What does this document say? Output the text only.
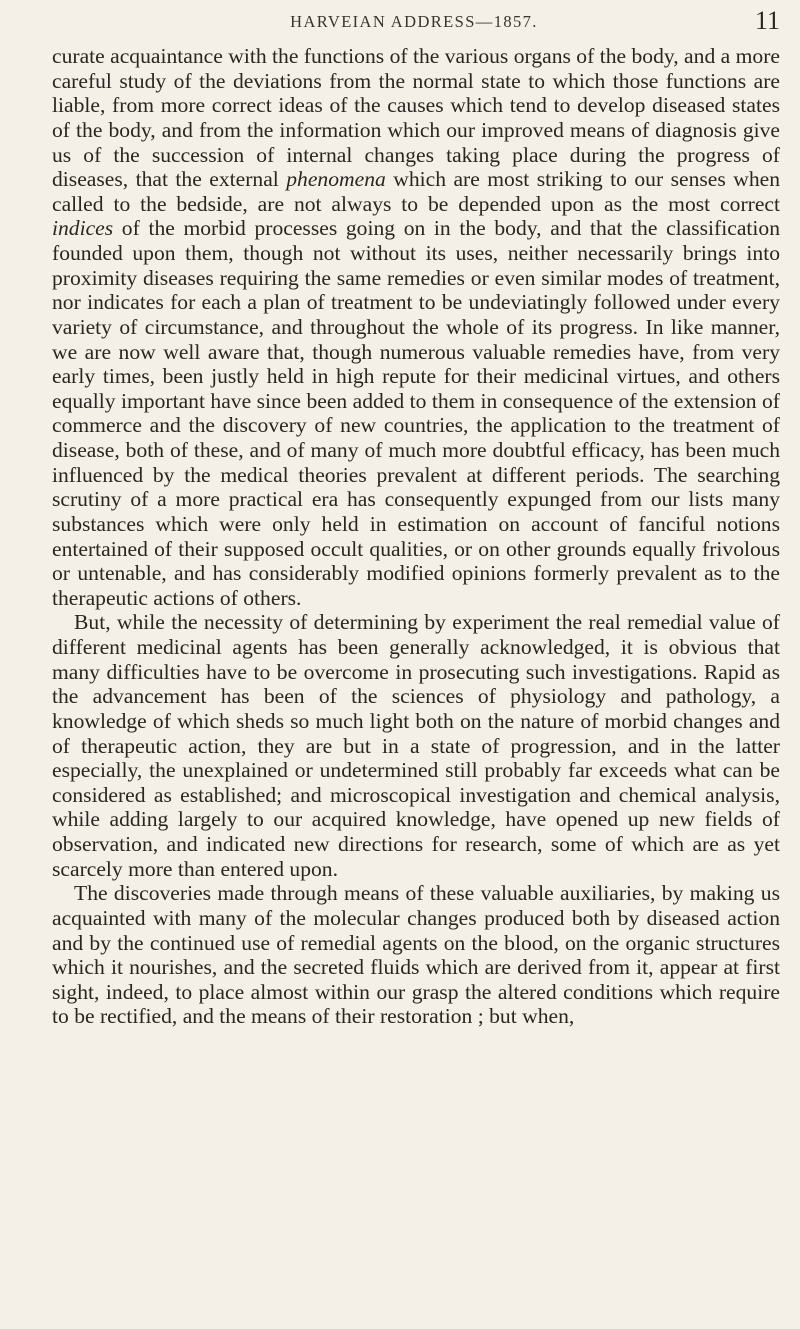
HARVEIAN ADDRESS—1857.	11

curate acquaintance with the functions of the various organs of the body, and a more careful study of the deviations from the normal state to which those functions are liable, from more correct ideas of the causes which tend to develop diseased states of the body, and from the information which our improved means of diagnosis give us of the succession of internal changes taking place during the progress of diseases, that the external phenomena which are most striking to our senses when called to the bedside, are not always to be depended upon as the most correct indices of the morbid processes going on in the body, and that the classification founded upon them, though not without its uses, neither necessarily brings into proximity diseases requiring the same remedies or even similar modes of treatment, nor indicates for each a plan of treatment to be undeviatingly followed under every variety of circumstance, and throughout the whole of its progress. In like manner, we are now well aware that, though numerous valuable remedies have, from very early times, been justly held in high repute for their medicinal virtues, and others equally important have since been added to them in consequence of the extension of commerce and the discovery of new countries, the application to the treatment of disease, both of these, and of many of much more doubtful efficacy, has been much influenced by the medical theories prevalent at different periods. The searching scrutiny of a more practical era has consequently expunged from our lists many substances which were only held in estimation on account of fanciful notions entertained of their supposed occult qualities, or on other grounds equally frivolous or untenable, and has considerably modified opinions formerly prevalent as to the therapeutic actions of others.

But, while the necessity of determining by experiment the real remedial value of different medicinal agents has been generally acknowledged, it is obvious that many difficulties have to be overcome in prosecuting such investigations. Rapid as the advancement has been of the sciences of physiology and pathology, a knowledge of which sheds so much light both on the nature of morbid changes and of therapeutic action, they are but in a state of progression, and in the latter especially, the unexplained or undetermined still probably far exceeds what can be considered as established; and microscopical investigation and chemical analysis, while adding largely to our acquired knowledge, have opened up new fields of observation, and indicated new directions for research, some of which are as yet scarcely more than entered upon.

The discoveries made through means of these valuable auxiliaries, by making us acquainted with many of the molecular changes produced both by diseased action and by the continued use of remedial agents on the blood, on the organic structures which it nourishes, and the secreted fluids which are derived from it, appear at first sight, indeed, to place almost within our grasp the altered conditions which require to be rectified, and the means of their restoration ; but when,
